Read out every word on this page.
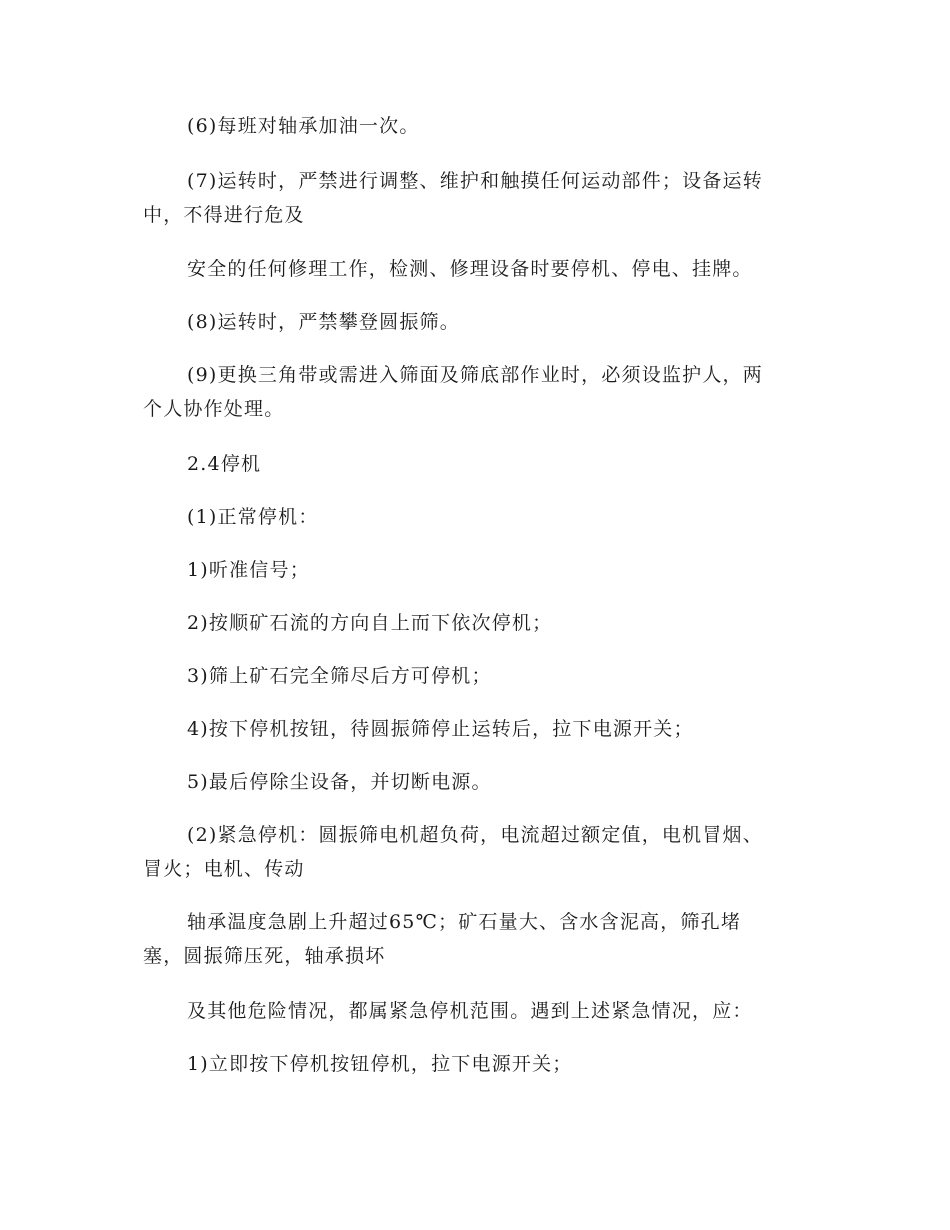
(6)每班对轴承加油一次。

(7)运转时，严禁进行调整、维护和触摸任何运动部件；设备运转
中，不得进行危及

安全的任何修理工作，检测、修理设备时要停机、停电、挂牌。

(8)运转时，严禁攀登圆振筛。

(9)更换三角带或需进入筛面及筛底部作业时，必须设监护人，两
个人协作处理。

2.4停机

(1)正常停机：

1)听准信号；

2)按顺矿石流的方向自上而下依次停机；

3)筛上矿石完全筛尽后方可停机；

4)按下停机按钮，待圆振筛停止运转后，拉下电源开关；

5)最后停除尘设备，并切断电源。

(2)紧急停机：圆振筛电机超负荷，电流超过额定值，电机冒烟、
冒火；电机、传动

轴承温度急剧上升超过65℃；矿石量大、含水含泥高，筛孔堵
塞，圆振筛压死，轴承损坏

及其他危险情况，都属紧急停机范围。遇到上述紧急情况，应：

1)立即按下停机按钮停机，拉下电源开关；
